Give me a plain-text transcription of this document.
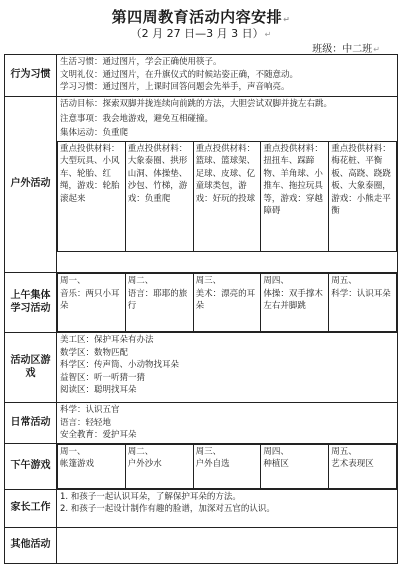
第四周教育活动内容安排↵
（2 月 27 日—3 月 3 日）↵
班级：中二班↵
行为习惯	
生活习惯：通过图片，学会正确使用筷子。
文明礼仪：通过图片，在升旗仪式的时候站姿正确，不随意动。
学习习惯：通过图片，上课时回答问题会先举手，声音响亮。

户外活动	
活动目标：探索双脚并拢连续向前跳的方法，大胆尝试双脚并拢左右跳。
注意事项：我会地游戏，避免互相碰撞。
集体运动：负重爬
重点投供材料：大型玩具、小风车、轮胎、红绳，游戏：轮胎滚起来	重点投供材料：大象泰圈、拱形山洞、体操垫、沙包、竹梯，游戏：负重爬	重点投供材料：篮球、篮球架、足球、皮球、亿童球类包，游戏：好玩的投球	重点投供材料：扭扭车、踩蹄物、羊角球、小推车、拖拉玩具等，游戏：穿越障碍	重点投供材料：梅花桩、平衡板、高跷、跷跷板、大象泰圈，游戏：小熊走平衡

上午集体学习活动	
周一、
音乐：两只小耳朵

周二、
语言：耶耶的旅行

周三、
美术：漂亮的耳朵

周四、
体操：双手撑木左右并脚跳

周五、
科学：认识耳朵

活动区游戏	
美工区：保护耳朵有办法
数学区：数物匹配
科学区：传声筒、小动物找耳朵
益智区：听一听猜一猜
阅读区：聪明找耳朵

日常活动	
科学：认识五官
语言：轻轻地
安全教育：爱护耳朵

下午游戏	
周一、
帐篷游戏

周二、
户外沙水

周三、
户外自选

周四、
种植区

周五、
艺术表现区

家长工作	
1. 和孩子一起认识耳朵，了解保护耳朵的方法。
2. 和孩子一起设计制作有趣的脸谱，加深对五官的认识。

其他活动	
